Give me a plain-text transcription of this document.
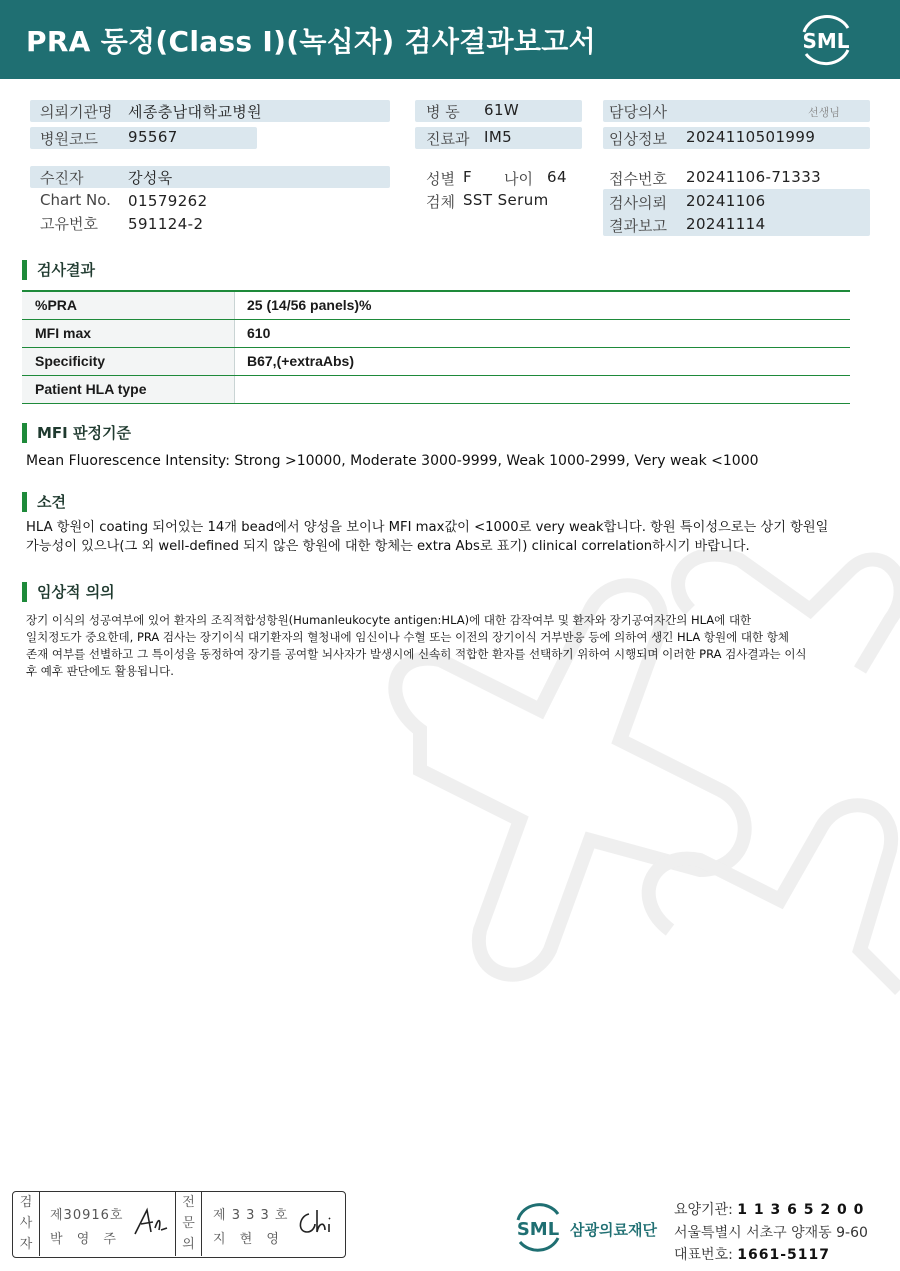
PRA 동정(Class I)(녹십자) 검사결과보고서	SML
의뢰기관명 세종충남대학교병원
병원코드 95567
병 동 61W
진료과 IM5
담당의사	선생님
임상정보 2024110501999
수진자	강성욱
Chart No. 01579262
고유번호 591124-2
성별 F 나이 64
검체 SST Serum
접수번호 20241106-71333
검사의뢰 20241106
결과보고 20241114
검사결과
%PRA	25 (14/56 panels)%
MFI max	610
Specificity	B67,(+extraAbs)
Patient HLA type
MFI 판정기준
Mean Fluorescence Intensity: Strong >10000, Moderate 3000-9999, Weak 1000-2999, Very weak <1000
소견
HLA 항원이 coating 되어있는 14개 bead에서 양성을 보이나 MFI max값이 <1000로 very weak합니다. 항원 특이성으로는 상기 항원일
가능성이 있으나(그 외 well-defined 되지 않은 항원에 대한 항체는 extra Abs로 표기) clinical correlation하시기 바랍니다.
임상적 의의
장기 이식의 성공여부에 있어 환자의 조직적합성항원(Humanleukocyte antigen:HLA)에 대한 감작여부 및 환자와 장기공여자간의 HLA에 대한
일치정도가 중요한데, PRA 검사는 장기이식 대기환자의 혈청내에 임신이나 수혈 또는 이전의 장기이식 거부반응 등에 의하여 생긴 HLA 항원에 대한 항체
존재 여부를 선별하고 그 특이성을 동정하여 장기를 공여할 뇌사자가 발생시에 신속히 적합한 환자를 선택하기 위하여 시행되며 이러한 PRA 검사결과는 이식
후 예후 판단에도 활용됩니다.
검
사
자
제30916호
박 영 주
전
문
의
제 3 3 3 호
지 현 영	SML 삼광의료재단
요양기관: 1 1 3 6 5 2 0 0
서울특별시 서초구 양재동 9-60
대표번호: 1661-5117
